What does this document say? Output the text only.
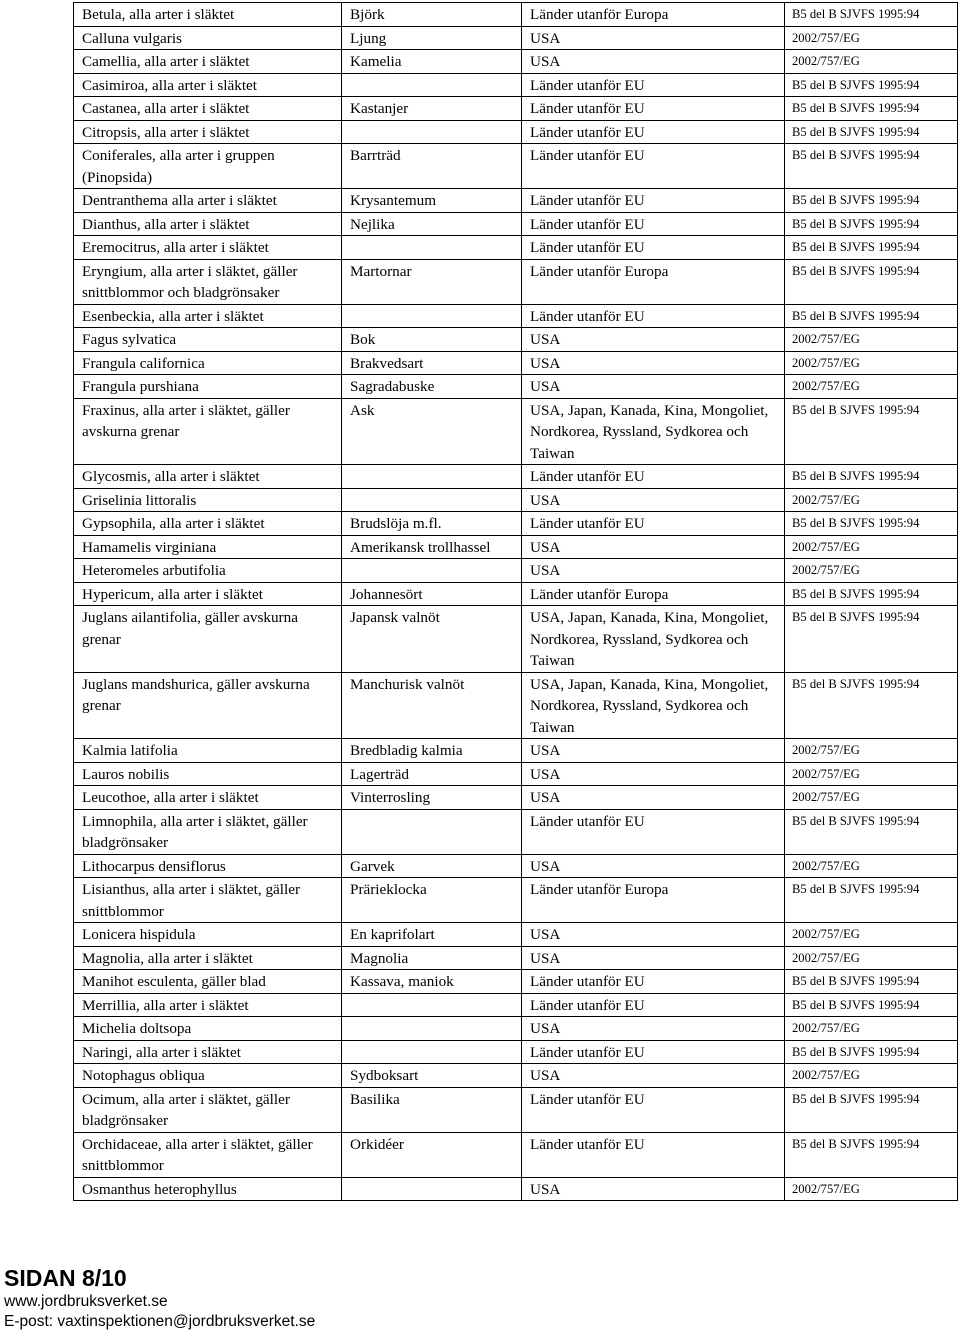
Betula, alla arter i släktet	Björk	Länder utanför Europa	B5 del B SJVFS 1995:94
Calluna vulgaris	Ljung	USA	2002/757/EG
Camellia, alla arter i släktet	Kamelia	USA	2002/757/EG
Casimiroa, alla arter i släktet		Länder utanför EU	B5 del B SJVFS 1995:94
Castanea, alla arter i släktet	Kastanjer	Länder utanför EU	B5 del B SJVFS 1995:94
Citropsis, alla arter i släktet		Länder utanför EU	B5 del B SJVFS 1995:94
Coniferales, alla arter i gruppen (Pinopsida)	Barrträd	Länder utanför EU	B5 del B SJVFS 1995:94
Dentranthema alla arter i släktet	Krysantemum	Länder utanför EU	B5 del B SJVFS 1995:94
Dianthus, alla arter i släktet	Nejlika	Länder utanför EU	B5 del B SJVFS 1995:94
Eremocitrus, alla arter i släktet		Länder utanför EU	B5 del B SJVFS 1995:94
Eryngium, alla arter i släktet, gäller snittblommor och bladgrönsaker	Martornar	Länder utanför Europa	B5 del B SJVFS 1995:94
Esenbeckia, alla arter i släktet		Länder utanför EU	B5 del B SJVFS 1995:94
Fagus sylvatica	Bok	USA	2002/757/EG
Frangula californica	Brakvedsart	USA	2002/757/EG
Frangula purshiana	Sagradabuske	USA	2002/757/EG
Fraxinus, alla arter i släktet, gäller avskurna grenar	Ask	USA, Japan, Kanada, Kina, Mongoliet, Nordkorea, Ryssland, Sydkorea och Taiwan	B5 del B SJVFS 1995:94
Glycosmis, alla arter i släktet		Länder utanför EU	B5 del B SJVFS 1995:94
Griselinia littoralis		USA	2002/757/EG
Gypsophila, alla arter i släktet	Brudslöja m.fl.	Länder utanför EU	B5 del B SJVFS 1995:94
Hamamelis virginiana	Amerikansk trollhassel	USA	2002/757/EG
Heteromeles arbutifolia		USA	2002/757/EG
Hypericum, alla arter i släktet	Johannesört	Länder utanför Europa	B5 del B SJVFS 1995:94
Juglans ailantifolia, gäller avskurna grenar	Japansk valnöt	USA, Japan, Kanada, Kina, Mongoliet, Nordkorea, Ryssland, Sydkorea och Taiwan	B5 del B SJVFS 1995:94
Juglans mandshurica, gäller avskurna grenar	Manchurisk valnöt	USA, Japan, Kanada, Kina, Mongoliet, Nordkorea, Ryssland, Sydkorea och Taiwan	B5 del B SJVFS 1995:94
Kalmia latifolia	Bredbladig kalmia	USA	2002/757/EG
Lauros nobilis	Lagerträd	USA	2002/757/EG
Leucothoe, alla arter i släktet	Vinterrosling	USA	2002/757/EG
Limnophila, alla arter i släktet, gäller bladgrönsaker		Länder utanför EU	B5 del B SJVFS 1995:94
Lithocarpus densiflorus	Garvek	USA	2002/757/EG
Lisianthus, alla arter i släktet, gäller snittblommor	Prärieklocka	Länder utanför Europa	B5 del B SJVFS 1995:94
Lonicera hispidula	En kaprifolart	USA	2002/757/EG
Magnolia, alla arter i släktet	Magnolia	USA	2002/757/EG
Manihot esculenta, gäller blad	Kassava, maniok	Länder utanför EU	B5 del B SJVFS 1995:94
Merrillia, alla arter i släktet		Länder utanför EU	B5 del B SJVFS 1995:94
Michelia doltsopa		USA	2002/757/EG
Naringi, alla arter i släktet		Länder utanför EU	B5 del B SJVFS 1995:94
Notophagus obliqua	Sydboksart	USA	2002/757/EG
Ocimum, alla arter i släktet, gäller bladgrönsaker	Basilika	Länder utanför EU	B5 del B SJVFS 1995:94
Orchidaceae, alla arter i släktet, gäller snittblommor	Orkidéer	Länder utanför EU	B5 del B SJVFS 1995:94
Osmanthus heterophyllus		USA	2002/757/EG
SIDAN 8/10
www.jordbruksverket.se
E-post: vaxtinspektionen@jordbruksverket.se
